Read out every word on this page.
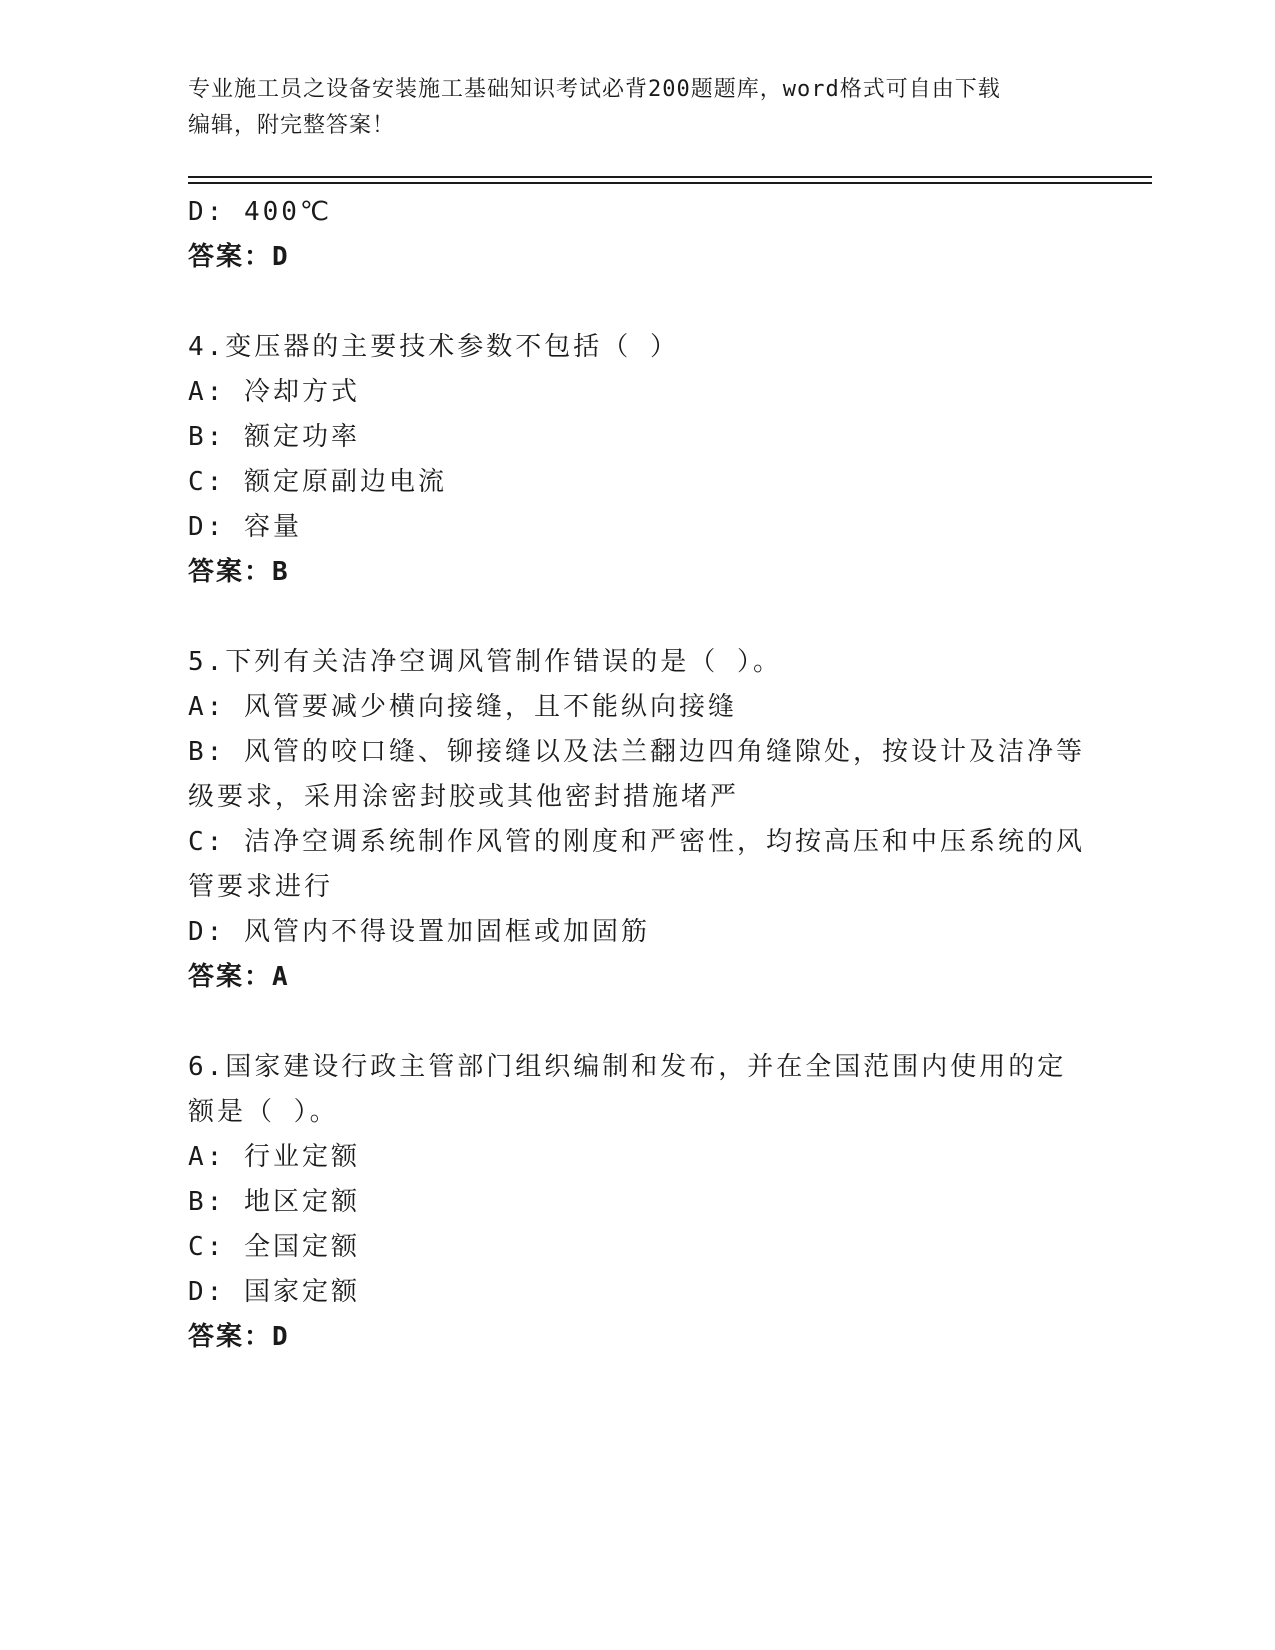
专业施工员之设备安装施工基础知识考试必背200题题库，word格式可自由下载
编辑，附完整答案！

D: 400℃

答案：D

4.变压器的主要技术参数不包括（ ）

A: 冷却方式

B: 额定功率

C: 额定原副边电流

D: 容量

答案：B

5.下列有关洁净空调风管制作错误的是（ ）。

A: 风管要减少横向接缝，且不能纵向接缝

B: 风管的咬口缝、铆接缝以及法兰翻边四角缝隙处，按设计及洁净等

级要求，采用涂密封胶或其他密封措施堵严

C: 洁净空调系统制作风管的刚度和严密性，均按高压和中压系统的风

管要求进行

D: 风管内不得设置加固框或加固筋

答案：A

6.国家建设行政主管部门组织编制和发布，并在全国范围内使用的定

额是（ ）。

A: 行业定额

B: 地区定额

C: 全国定额

D: 国家定额

答案：D
